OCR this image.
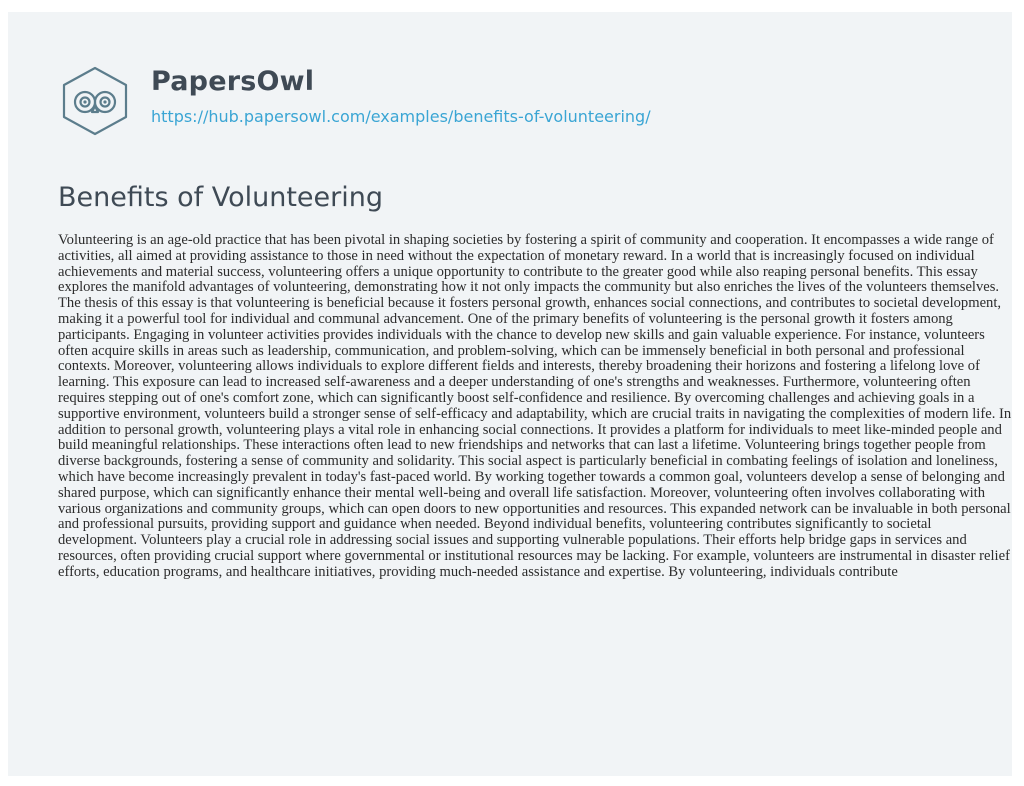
PapersOwl
https://hub.papersowl.com/examples/benefits-of-volunteering/
Benefits of Volunteering

Volunteering is an age-old practice that has been pivotal in shaping societies by fostering a spirit of community and cooperation. It encompasses a wide range of activities, all aimed at providing assistance to those in need without the expectation of monetary reward. In a world that is increasingly focused on individual achievements and material success, volunteering offers a unique opportunity to contribute to the greater good while also reaping personal benefits. This essay explores the manifold advantages of volunteering, demonstrating how it not only impacts the community but also enriches the lives of the volunteers themselves. The thesis of this essay is that volunteering is beneficial because it fosters personal growth, enhances social connections, and contributes to societal development, making it a powerful tool for individual and communal advancement. One of the primary benefits of volunteering is the personal growth it fosters among participants. Engaging in volunteer activities provides individuals with the chance to develop new skills and gain valuable experience. For instance, volunteers often acquire skills in areas such as leadership, communication, and problem-solving, which can be immensely beneficial in both personal and professional contexts. Moreover, volunteering allows individuals to explore different fields and interests, thereby broadening their horizons and fostering a lifelong love of learning. This exposure can lead to increased self-awareness and a deeper understanding of one's strengths and weaknesses. Furthermore, volunteering often requires stepping out of one's comfort zone, which can significantly boost self-confidence and resilience. By overcoming challenges and achieving goals in a supportive environment, volunteers build a stronger sense of self-efficacy and adaptability, which are crucial traits in navigating the complexities of modern life. In addition to personal growth, volunteering plays a vital role in enhancing social connections. It provides a platform for individuals to meet like-minded people and build meaningful relationships. These interactions often lead to new friendships and networks that can last a lifetime. Volunteering brings together people from diverse backgrounds, fostering a sense of community and solidarity. This social aspect is particularly beneficial in combating feelings of isolation and loneliness, which have become increasingly prevalent in today's fast-paced world. By working together towards a common goal, volunteers develop a sense of belonging and shared purpose, which can significantly enhance their mental well-being and overall life satisfaction. Moreover, volunteering often involves collaborating with various organizations and community groups, which can open doors to new opportunities and resources. This expanded network can be invaluable in both personal and professional pursuits, providing support and guidance when needed. Beyond individual benefits, volunteering contributes significantly to societal development. Volunteers play a crucial role in addressing social issues and supporting vulnerable populations. Their efforts help bridge gaps in services and resources, often providing crucial support where governmental or institutional resources may be lacking. For example, volunteers are instrumental in disaster relief efforts, education programs, and healthcare initiatives, providing much-needed assistance and expertise. By volunteering, individuals contribute
